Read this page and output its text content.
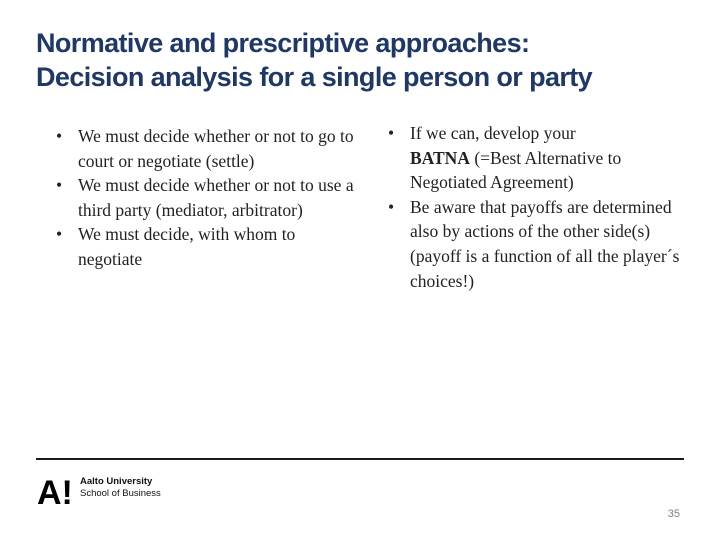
Normative and prescriptive approaches:
Decision analysis for a single person or party
• We must decide whether or not to go to court or negotiate (settle)
• We must decide whether or not to use a third party (mediator, arbitrator)
• We must decide, with whom to negotiate
• If we can, develop your
BATNA (=Best Alternative to Negotiated Agreement)
• Be aware that payoffs are determined also by actions of the other side(s) (payoff is a function of all the player´s choices!)
A! Aalto University
School of Business
35
